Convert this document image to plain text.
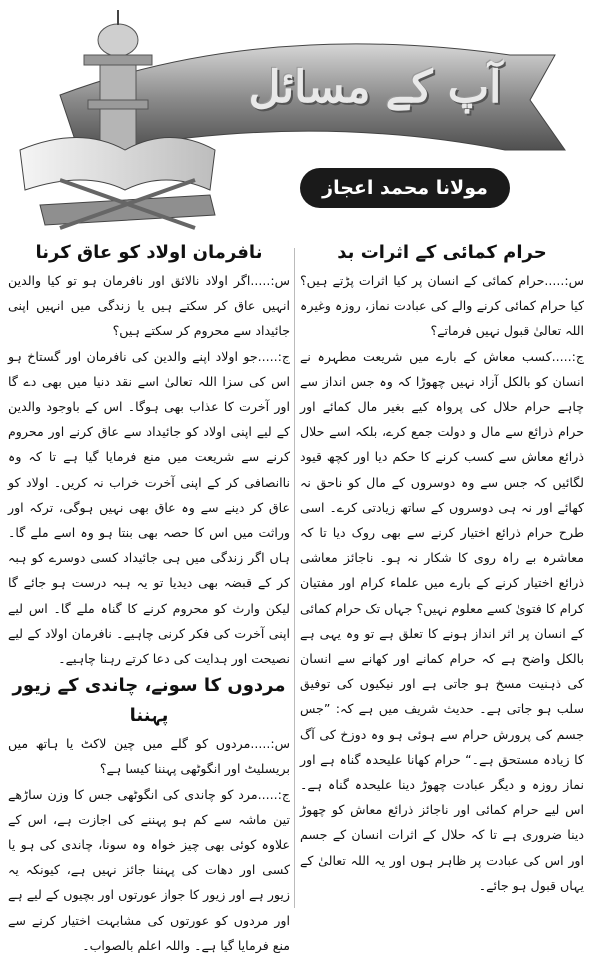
آپ کے مسائل
مولانا محمد اعجاز مصطفیٰ
حرام کمائی کے اثرات بد

س:.....حرام کمائی کے انسان پر کیا اثرات پڑتے ہیں؟ کیا حرام کمائی کرنے والے کی عبادت نماز، روزہ وغیرہ اللہ تعالیٰ قبول نہیں فرماتے؟

ج:.....کسب معاش کے بارے میں شریعت مطہرہ نے انسان کو بالکل آزاد نہیں چھوڑا کہ وہ جس انداز سے چاہے حرام حلال کی پرواہ کیے بغیر مال کمائے اور حرام ذرائع سے مال و دولت جمع کرے، بلکہ اسے حلال ذرائع معاش سے کسب کرنے کا حکم دیا اور کچھ قیود لگائیں کہ جس سے وہ دوسروں کے مال کو ناحق نہ کھائے اور نہ ہی دوسروں کے ساتھ زیادتی کرے۔ اسی طرح حرام ذرائع اختیار کرنے سے بھی روک دیا تا کہ معاشرہ بے راہ روی کا شکار نہ ہو۔ ناجائز معاشی ذرائع اختیار کرنے کے بارے میں علماء کرام اور مفتیان کرام کا فتویٰ کسے معلوم نہیں؟ جہاں تک حرام کمائی کے انسان پر اثر انداز ہونے کا تعلق ہے تو وہ یہی ہے بالکل واضح ہے کہ حرام کمانے اور کھانے سے انسان کی ذہنیت مسخ ہو جاتی ہے اور نیکیوں کی توفیق سلب ہو جاتی ہے۔ حدیث شریف میں ہے کہ: ”جس جسم کی پرورش حرام سے ہوئی ہو وہ دوزخ کی آگ کا زیادہ مستحق ہے۔“ حرام کھانا علیحدہ گناہ ہے اور نماز روزہ و دیگر عبادت چھوڑ دینا علیحدہ گناہ ہے۔ اس لیے حرام کمائی اور ناجائز ذرائع معاش کو چھوڑ دینا ضروری ہے تا کہ حلال کے اثرات انسان کے جسم اور اس کی عبادت پر ظاہر ہوں اور یہ اللہ تعالیٰ کے یہاں قبول ہو جائے۔

نافرمان اولاد کو عاق کرنا

س:.....اگر اولاد نالائق اور نافرمان ہو تو کیا والدین انہیں عاق کر سکتے ہیں یا زندگی میں انہیں اپنی جائیداد سے محروم کر سکتے ہیں؟

ج:.....جو اولاد اپنے والدین کی نافرمان اور گستاخ ہو اس کی سزا اللہ تعالیٰ اسے نقد دنیا میں بھی دے گا اور آخرت کا عذاب بھی ہوگا۔ اس کے باوجود والدین کے لیے اپنی اولاد کو جائیداد سے عاق کرنے اور محروم کرنے سے شریعت میں منع فرمایا گیا ہے تا کہ وہ ناانصافی کر کے اپنی آخرت خراب نہ کریں۔ اولاد کو عاق کر دینے سے وہ عاق بھی نہیں ہوگی، ترکہ اور وراثت میں اس کا حصہ بھی بنتا ہو وہ اسے ملے گا۔ ہاں اگر زندگی میں ہی جائیداد کسی دوسرے کو ہبہ کر کے قبضہ بھی دیدیا تو یہ ہبہ درست ہو جائے گا لیکن وارث کو محروم کرنے کا گناہ ملے گا۔ اس لیے اپنی آخرت کی فکر کرنی چاہیے۔ نافرمان اولاد کے لیے نصیحت اور ہدایت کی دعا کرتے رہنا چاہیے۔

مردوں کا سونے، چاندی کے زیور پہننا

س:.....مردوں کو گلے میں چین لاکٹ یا ہاتھ میں بریسلیٹ اور انگوٹھی پہننا کیسا ہے؟

ج:.....مرد کو چاندی کی انگوٹھی جس کا وزن ساڑھے تین ماشہ سے کم ہو پہننے کی اجازت ہے، اس کے علاوہ کوئی بھی چیز خواہ وہ سونا، چاندی کی ہو یا کسی اور دھات کی پہننا جائز نہیں ہے، کیونکہ یہ زیور ہے اور زیور کا جواز عورتوں اور بچیوں کے لیے ہے اور مردوں کو عورتوں کی مشابہت اختیار کرنے سے منع فرمایا گیا ہے۔ واللہ اعلم بالصواب۔
